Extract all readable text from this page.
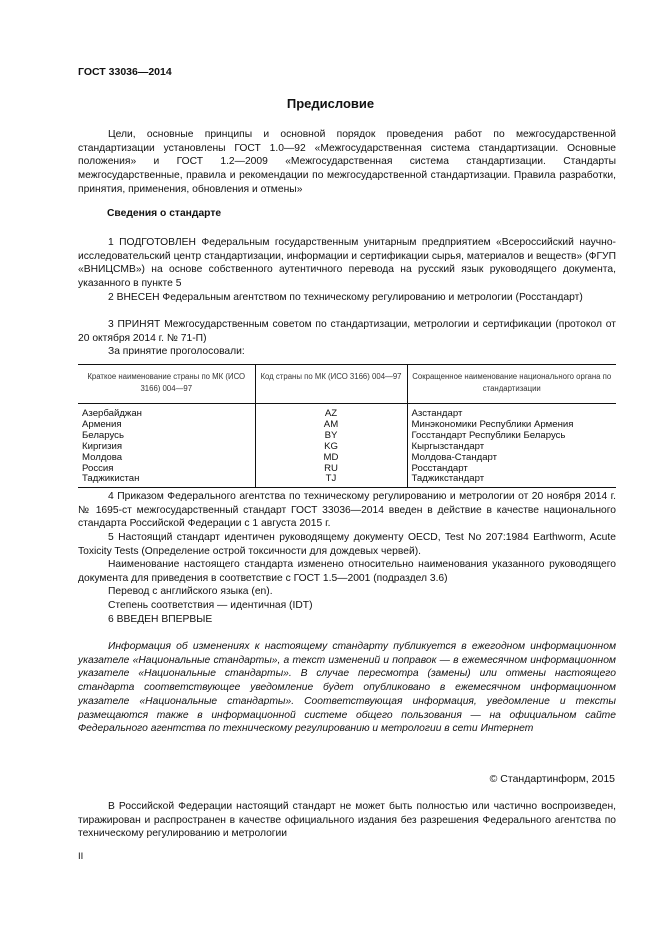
ГОСТ 33036—2014
Предисловие
Цели, основные принципы и основной порядок проведения работ по межгосударственной стандартизации установлены ГОСТ 1.0—92 «Межгосударственная система стандартизации. Основные положения» и ГОСТ 1.2—2009 «Межгосударственная система стандартизации. Стандарты межгосударственные, правила и рекомендации по межгосударственной стандартизации. Правила разработки, принятия, применения, обновления и отмены»
Сведения о стандарте
1 ПОДГОТОВЛЕН Федеральным государственным унитарным предприятием «Всероссийский научно-исследовательский центр стандартизации, информации и сертификации сырья, материалов и веществ» (ФГУП «ВНИЦСМВ») на основе собственного аутентичного перевода на русский язык руководящего документа, указанного в пункте 5
2 ВНЕСЕН Федеральным агентством по техническому регулированию и метрологии (Росстандарт)
3 ПРИНЯТ Межгосударственным советом по стандартизации, метрологии и сертификации (протокол от 20 октября 2014 г. № 71-П)
За принятие проголосовали:
Краткое наименование страны по МК (ИСО 3166) 004—97	Код страны по МК (ИСО 3166) 004—97	Сокращенное наименование национального органа по стандартизации
Азербайджан	AZ	Азстандарт
Армения	AM	Минэкономики Республики Армения
Беларусь	BY	Госстандарт Республики Беларусь
Киргизия	KG	Кыргызстандарт
Молдова	MD	Молдова-Стандарт
Россия	RU	Росстандарт
Таджикистан	TJ	Таджикстандарт
4 Приказом Федерального агентства по техническому регулированию и метрологии от 20 ноября 2014 г. № 1695-ст межгосударственный стандарт ГОСТ 33036—2014 введен в действие в качестве национального стандарта Российской Федерации с 1 августа 2015 г.
5 Настоящий стандарт идентичен руководящему документу OECD, Test No 207:1984 Earthworm, Acute Toxicity Tests (Определение острой токсичности для дождевых червей).
Наименование настоящего стандарта изменено относительно наименования указанного руководящего документа для приведения в соответствие с ГОСТ 1.5—2001 (подраздел 3.6)
Перевод с английского языка (en).
Степень соответствия — идентичная (IDT)
6 ВВЕДЕН ВПЕРВЫЕ
Информация об изменениях к настоящему стандарту публикуется в ежегодном информационном указателе «Национальные стандарты», а текст изменений и поправок — в ежемесячном информационном указателе «Национальные стандарты». В случае пересмотра (замены) или отмены настоящего стандарта соответствующее уведомление будет опубликовано в ежемесячном информационном указателе «Национальные стандарты». Соответствующая информация, уведомление и тексты размещаются также в информационной системе общего пользования — на официальном сайте Федерального агентства по техническому регулированию и метрологии в сети Интернет
© Стандартинформ, 2015
В Российской Федерации настоящий стандарт не может быть полностью или частично воспроизведен, тиражирован и распространен в качестве официального издания без разрешения Федерального агентства по техническому регулированию и метрологии
II
